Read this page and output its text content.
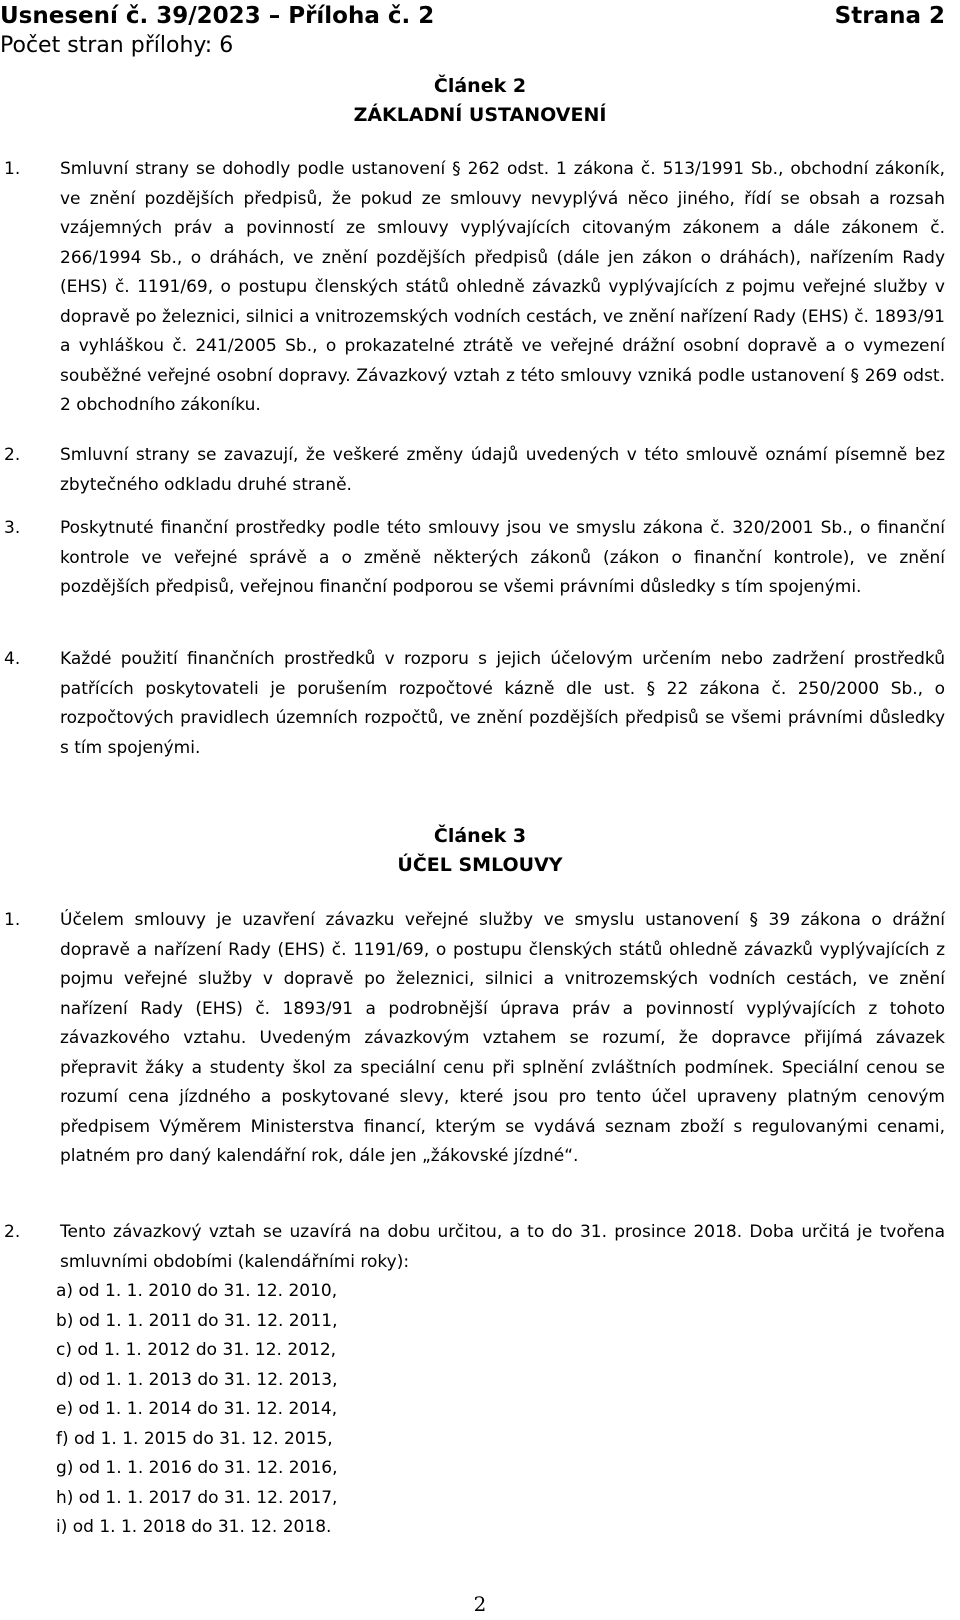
Usnesení č. 39/2023 – Příloha č. 2	Strana 2
Počet stran přílohy: 6
Článek 2
ZÁKLADNÍ USTANOVENÍ
1. Smluvní strany se dohodly podle ustanovení § 262 odst. 1 zákona č. 513/1991 Sb., obchodní zákoník, ve znění pozdějších předpisů, že pokud ze smlouvy nevyplývá něco jiného, řídí se obsah a rozsah vzájemných práv a povinností ze smlouvy vyplývajících citovaným zákonem a dále zákonem č. 266/1994 Sb., o dráhách, ve znění pozdějších předpisů (dále jen zákon o dráhách), nařízením Rady (EHS) č. 1191/69, o postupu členských států ohledně závazků vyplývajících z pojmu veřejné služby v dopravě po železnici, silnici a vnitrozemských vodních cestách, ve znění nařízení Rady (EHS) č. 1893/91 a vyhláškou č. 241/2005 Sb., o prokazatelné ztrátě ve veřejné drážní osobní dopravě a o vymezení souběžné veřejné osobní dopravy. Závazkový vztah z této smlouvy vzniká podle ustanovení § 269 odst. 2 obchodního zákoníku.
2. Smluvní strany se zavazují, že veškeré změny údajů uvedených v této smlouvě oznámí písemně bez zbytečného odkladu druhé straně.
3. Poskytnuté finanční prostředky podle této smlouvy jsou ve smyslu zákona č. 320/2001 Sb., o finanční kontrole ve veřejné správě a o změně některých zákonů (zákon o finanční kontrole), ve znění pozdějších předpisů, veřejnou finanční podporou se všemi právními důsledky s tím spojenými.
4. Každé použití finančních prostředků v rozporu s jejich účelovým určením nebo zadržení prostředků patřících poskytovateli je porušením rozpočtové kázně dle ust. § 22 zákona č. 250/2000 Sb., o rozpočtových pravidlech územních rozpočtů, ve znění pozdějších předpisů se všemi právními důsledky s tím spojenými.
Článek 3
ÚČEL SMLOUVY
1. Účelem smlouvy je uzavření závazku veřejné služby ve smyslu ustanovení § 39 zákona o drážní dopravě a nařízení Rady (EHS) č. 1191/69, o postupu členských států ohledně závazků vyplývajících z pojmu veřejné služby v dopravě po železnici, silnici a vnitrozemských vodních cestách, ve znění nařízení Rady (EHS) č. 1893/91 a podrobnější úprava práv a povinností vyplývajících z tohoto závazkového vztahu. Uvedeným závazkovým vztahem se rozumí, že dopravce přijímá závazek přepravit žáky a studenty škol za speciální cenu při splnění zvláštních podmínek. Speciální cenou se rozumí cena jízdného a poskytované slevy, které jsou pro tento účel upraveny platným cenovým předpisem Výměrem Ministerstva financí, kterým se vydává seznam zboží s regulovanými cenami, platném pro daný kalendářní rok, dále jen „žákovské jízdné“.
2. Tento závazkový vztah se uzavírá na dobu určitou, a to do 31. prosince 2018. Doba určitá je tvořena smluvními obdobími (kalendářními roky):
a) od 1. 1. 2010 do 31. 12. 2010,
b) od 1. 1. 2011 do 31. 12. 2011,
c) od 1. 1. 2012 do 31. 12. 2012,
d) od 1. 1. 2013 do 31. 12. 2013,
e) od 1. 1. 2014 do 31. 12. 2014,
f) od 1. 1. 2015 do 31. 12. 2015,
g) od 1. 1. 2016 do 31. 12. 2016,
h) od 1. 1. 2017 do 31. 12. 2017,
i) od 1. 1. 2018 do 31. 12. 2018.
2
